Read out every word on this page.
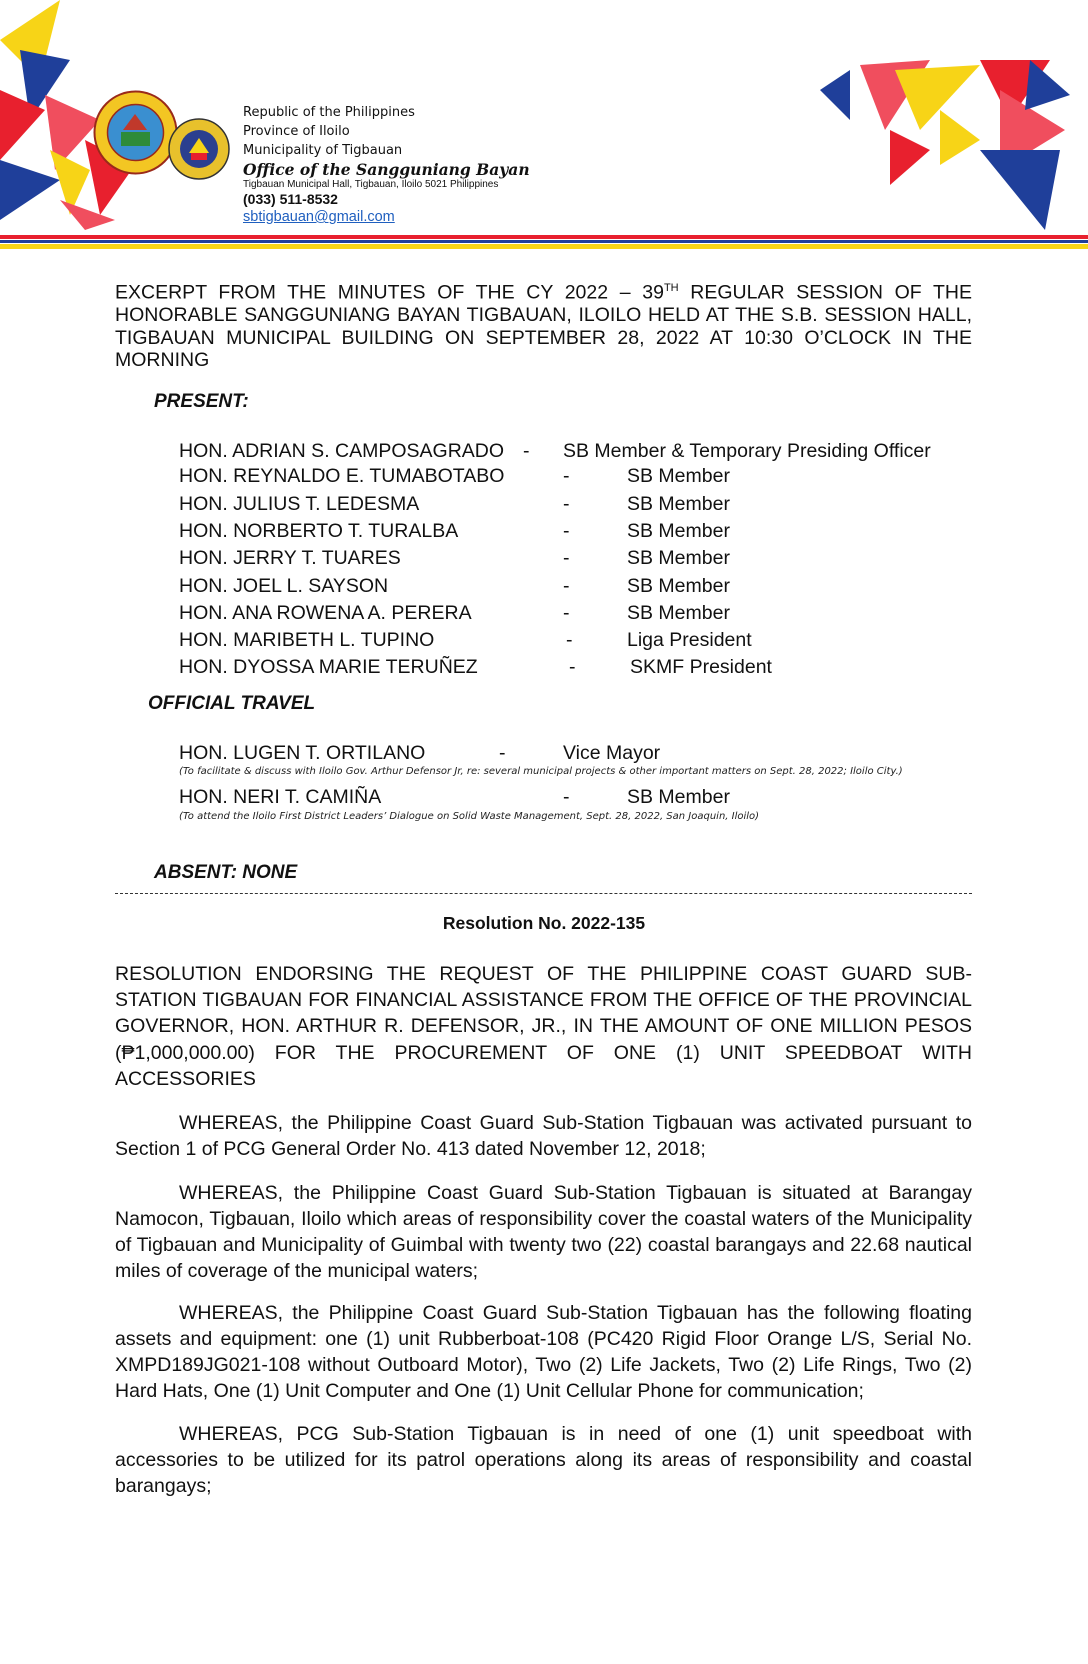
Republic of the Philippines
Province of Iloilo
Municipality of Tigbauan
Office of the Sangguniang Bayan
Tigbauan Municipal Hall, Tigbauan, Iloilo 5021 Philippines
(033) 511-8532
sbtigbauan@gmail.com
EXCERPT FROM THE MINUTES OF THE CY 2022 – 39TH REGULAR SESSION OF THE HONORABLE SANGGUNIANG BAYAN TIGBAUAN, ILOILO HELD AT THE S.B. SESSION HALL, TIGBAUAN MUNICIPAL BUILDING ON SEPTEMBER 28, 2022 AT 10:30 O’CLOCK IN THE MORNING
PRESENT:
HON. ADRIAN S. CAMPOSAGRADO - SB Member & Temporary Presiding Officer
HON. REYNALDO E. TUMABOTABO	-	SB Member
HON. JULIUS T. LEDESMA	-	SB Member
HON. NORBERTO T. TURALBA	-	SB Member
HON. JERRY T. TUARES	-	SB Member
HON. JOEL L. SAYSON	-	SB Member
HON. ANA ROWENA A. PERERA	-	SB Member
HON. MARIBETH L. TUPINO	-	Liga President
HON. DYOSSA MARIE TERUÑEZ	-	SKMF President
OFFICIAL TRAVEL
HON. LUGEN T. ORTILANO	-	Vice Mayor
(To facilitate & discuss with Iloilo Gov. Arthur Defensor Jr, re: several municipal projects & other important matters on Sept. 28, 2022; Iloilo City.)
HON. NERI T. CAMIÑA	-	SB Member
(To attend the Iloilo First District Leaders’ Dialogue on Solid Waste Management, Sept. 28, 2022, San Joaquin, Iloilo)
ABSENT: NONE
Resolution No. 2022-135
RESOLUTION ENDORSING THE REQUEST OF THE PHILIPPINE COAST GUARD SUB-STATION TIGBAUAN FOR FINANCIAL ASSISTANCE FROM THE OFFICE OF THE PROVINCIAL GOVERNOR, HON. ARTHUR R. DEFENSOR, JR., IN THE AMOUNT OF ONE MILLION PESOS (₱1,000,000.00) FOR THE PROCUREMENT OF ONE (1) UNIT SPEEDBOAT WITH ACCESSORIES
WHEREAS, the Philippine Coast Guard Sub-Station Tigbauan was activated pursuant to Section 1 of PCG General Order No. 413 dated November 12, 2018;
WHEREAS, the Philippine Coast Guard Sub-Station Tigbauan is situated at Barangay Namocon, Tigbauan, Iloilo which areas of responsibility cover the coastal waters of the Municipality of Tigbauan and Municipality of Guimbal with twenty two (22) coastal barangays and 22.68 nautical miles of coverage of the municipal waters;
WHEREAS, the Philippine Coast Guard Sub-Station Tigbauan has the following floating assets and equipment: one (1) unit Rubberboat-108 (PC420 Rigid Floor Orange L/S, Serial No. XMPD189JG021-108 without Outboard Motor), Two (2) Life Jackets, Two (2) Life Rings, Two (2) Hard Hats, One (1) Unit Computer and One (1) Unit Cellular Phone for communication;
WHEREAS, PCG Sub-Station Tigbauan is in need of one (1) unit speedboat with accessories to be utilized for its patrol operations along its areas of responsibility and coastal barangays;
